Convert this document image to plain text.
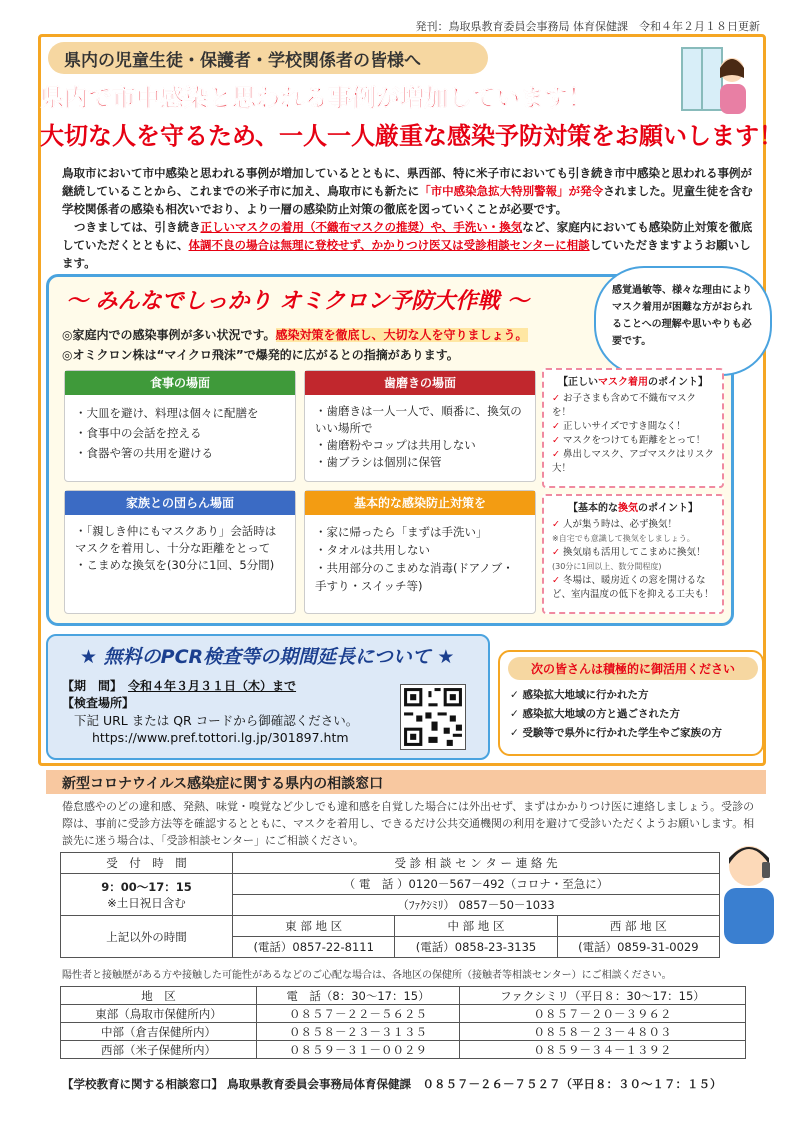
発刊：鳥取県教育委員会事務局 体育保健課　令和４年２月１８日更新
県内の児童生徒・保護者・学校関係者の皆様へ
県内で市中感染と思われる事例が増加しています！
大切な人を守るため、一人一人厳重な感染予防対策をお願いします！

鳥取市において市中感染と思われる事例が増加しているとともに、県西部、特に米子市においても引き続き市中感染と思われる事例が継続していることから、これまでの米子市に加え、鳥取市にも新たに「市中感染急拡大特別警報」が発令されました。児童生徒を含む学校関係者の感染も相次いでおり、より一層の感染防止対策の徹底を図っていくことが必要です。

つきましては、引き続き正しいマスクの着用（不織布マスクの推奨）や、手洗い・換気など、家庭内においても感染防止対策を徹底していただくとともに、体調不良の場合は無理に登校せず、かかりつけ医又は受診相談センターに相談していただきますようお願いします。

～ みんなでしっかり オミクロン予防大作戦 ～
◎家庭内での感染事例が多い状況です。感染対策を徹底し、大切な人を守りましょう。
◎オミクロン株は“マイクロ飛沫”で爆発的に広がるとの指摘があります。
感覚過敏等、様々な理由によりマスク着用が困難な方がおられることへの理解や思いやりも必要です。
食事の場面
・ 大皿を避け、料理は個々に配膳を
・ 食事中の会話を控える
・ 食器や箸の共用を避ける
歯磨きの場面
・ 歯磨きは一人一人で、順番に、換気のいい場所で
・ 歯磨粉やコップは共用しない
・ 歯ブラシは個別に保管
家族との団らん場面
・ 「親しき仲にもマスクあり」会話時はマスクを着用し、十分な距離をとって
・ こまめな換気を(30分に1回、5分間)
基本的な感染防止対策を
・ 家に帰ったら「まずは手洗い」
・ タオルは共用しない
・ 共用部分のこまめな消毒(ドアノブ・手すり・スイッチ等)
【正しいマスク着用のポイント】

✓ お子さまも含めて不織布マスクを！

✓ 正しいサイズですき間なく！

✓ マスクをつけても距離をとって！

✓ 鼻出しマスク、アゴマスクはリスク大！

【基本的な換気のポイント】

✓ 人が集う時は、必ず換気！

※自宅でも意識して換気をしましょう。

✓ 換気扇も活用してこまめに換気！

(30分に1回以上、数分間程度)

✓ 冬場は、暖房近くの窓を開けるなど、室内温度の低下を抑える工夫も！

★ 無料のPCR検査等の期間延長について ★
【期　間】　 令和４年３月３１日（木）まで
【検査場所】
下記 URL または QR コードから御確認ください。
https://www.pref.tottori.lg.jp/301897.htm
次の皆さんは積極的に御活用ください
✓ 感染拡大地域に行かれた方
✓ 感染拡大地域の方と過ごされた方
✓ 受験等で県外に行かれた学生やご家族の方
新型コロナウイルス感染症に関する県内の相談窓口
倦怠感やのどの違和感、発熱、味覚・嗅覚など少しでも違和感を自覚した場合には外出せず、まずはかかりつけ医に連絡しましょう。受診の際は、事前に受診方法等を確認するとともに、マスクを着用し、できるだけ公共交通機関の利用を避けて受診いただくようお願いします。相談先に迷う場合は、「受診相談センター」にご相談ください。
受　付　時　間	受 診 相 談 セ ン タ ー 連 絡 先		

9：00～17：15
※土日祝日含む	（ 電　話 ）0120－567－492（コロナ・至急に）		
	（ﾌｧｸｼﾐﾘ） 0857－50－1033		
上記以外の時間	東 部 地 区	中 部 地 区	西 部 地 区
	(電話）0857-22-8111	(電話）0858-23-3135	(電話）0859-31-0029
陽性者と接触歴がある方や接触した可能性があるなどのご心配な場合は、各地区の保健所（接触者等相談センター）にご相談ください。
地　区	電　話（8：30～17：15）	ファクシミリ（平日８：30～17：15）
東部（鳥取市保健所内）	０８５７－２２－５６２５	０８５７－２０－３９６２
中部（倉吉保健所内）	０８５８－２３－３１３５	０８５８－２３－４８０３
西部（米子保健所内）	０８５９－３１－００２９	０８５９－３４－１３９２
【学校教育に関する相談窓口】 鳥取県教育委員会事務局体育保健課　０８５７－２６－７５２７（平日８：３０～１７：１５）
